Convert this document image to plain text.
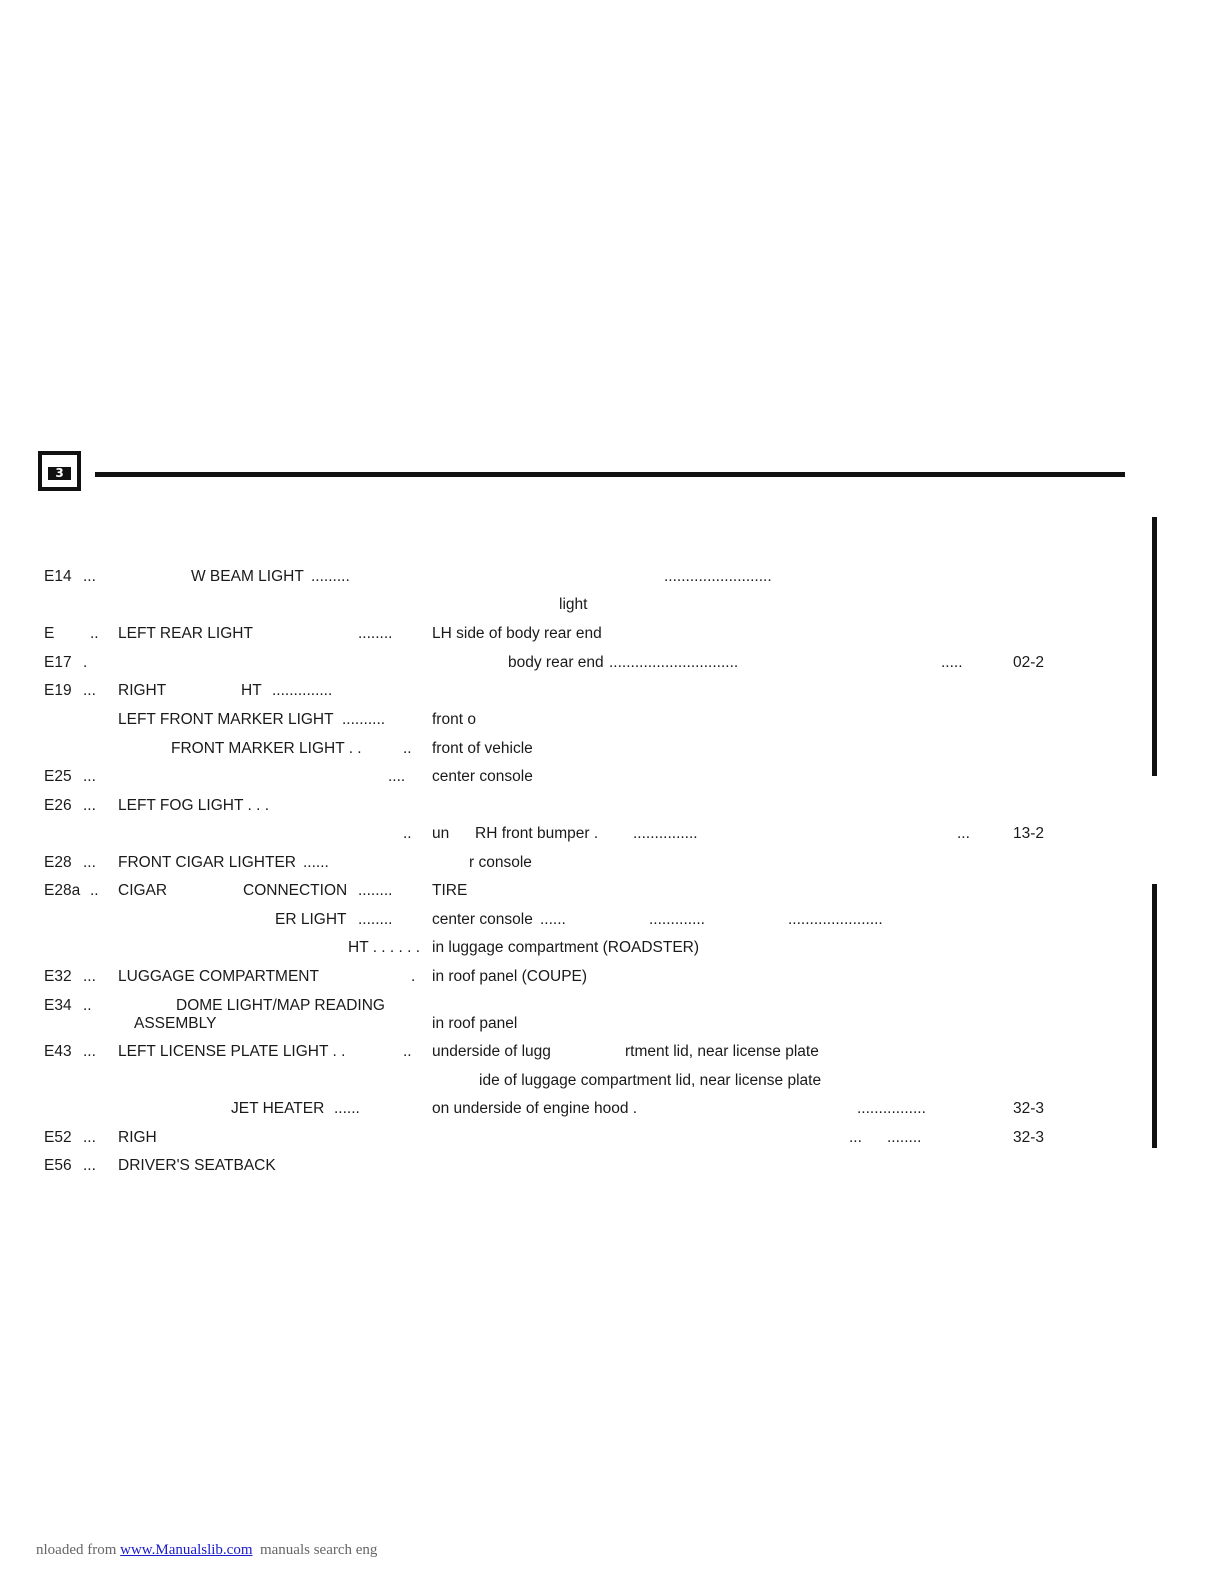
3
E14 ...	W BEAM LIGHT .........	.........................
light
E .. LEFT REAR LIGHT	........	LH side of body rear end
E17 .	body rear end ..............................	.....	02-2
E19 ... RIGHT	HT ..............
LEFT FRONT MARKER LIGHT ..........	front o
FRONT MARKER LIGHT . .	.. front of vehicle
E25 ...	.... center console
E26 ... LEFT FOG LIGHT . . .
.. un RH front bumper . ...............	...	13-2
E28 ... FRONT CIGAR LIGHTER ......	r console
E28a .. CIGAR	CONNECTION ........	TIRE
ER LIGHT ........	center console ......	.............	......................
HT . . . . . . in luggage compartment (ROADSTER)
E32 ... LUGGAGE COMPARTMENT	. in roof panel (COUPE)
E34 ..	DOME LIGHT/MAP READING
ASSEMBLY	in roof panel
E43 ... LEFT LICENSE PLATE LIGHT . .	.. underside of lugg	rtment lid, near license plate
ide of luggage compartment lid, near license plate
JET HEATER ......	on underside of engine hood .	................	32-3
E52 ... RIGH	... ........	32-3
E56 ... DRIVER'S SEATBACK
nloaded from www.Manualslib.com  manuals search eng
